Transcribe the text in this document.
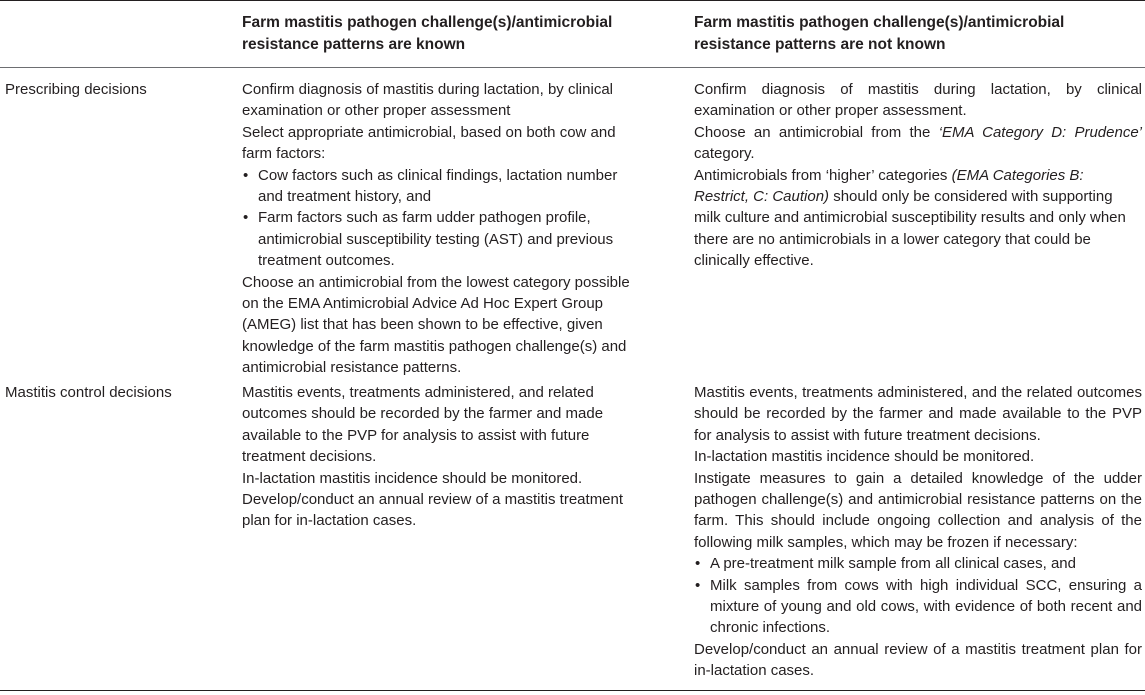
Farm mastitis pathogen challenge(s)/antimicrobial resistance patterns are known
Farm mastitis pathogen challenge(s)/antimicrobial resistance patterns are not known
Prescribing decisions	Confirm diagnosis of mastitis during lactation, by clinical examination or other proper assessment

Select appropriate antimicrobial, based on both cow and farm factors:

• Cow factors such as clinical findings, lactation number and treatment history, and
• Farm factors such as farm udder pathogen profile, antimicrobial susceptibility testing (AST) and previous treatment outcomes.

Choose an antimicrobial from the lowest category possible on the EMA Antimicrobial Advice Ad Hoc Expert Group (AMEG) list that has been shown to be effective, given knowledge of the farm mastitis pathogen challenge(s) and antimicrobial resistance patterns.

Confirm diagnosis of mastitis during lactation, by clinical examination or other proper assessment.

Choose an antimicrobial from the ‘EMA Category D: Prudence’ category.

Antimicrobials from ‘higher’ categories (EMA Categories B: Restrict, C: Caution) should only be considered with supporting milk culture and antimicrobial susceptibility results and only when there are no antimicrobials in a lower category that could be clinically effective.

Mastitis control decisions	Mastitis events, treatments administered, and related outcomes should be recorded by the farmer and made available to the PVP for analysis to assist with future treatment decisions.

In-lactation mastitis incidence should be monitored.

Develop/conduct an annual review of a mastitis treatment plan for in-lactation cases.

Mastitis events, treatments administered, and the related outcomes should be recorded by the farmer and made available to the PVP for analysis to assist with future treatment decisions.

In-lactation mastitis incidence should be monitored.

Instigate measures to gain a detailed knowledge of the udder pathogen challenge(s) and antimicrobial resistance patterns on the farm. This should include ongoing collection and analysis of the following milk samples, which may be frozen if necessary:

• A pre-treatment milk sample from all clinical cases, and
• Milk samples from cows with high individual SCC, ensuring a mixture of young and old cows, with evidence of both recent and chronic infections.

Develop/conduct an annual review of a mastitis treatment plan for in-lactation cases.
